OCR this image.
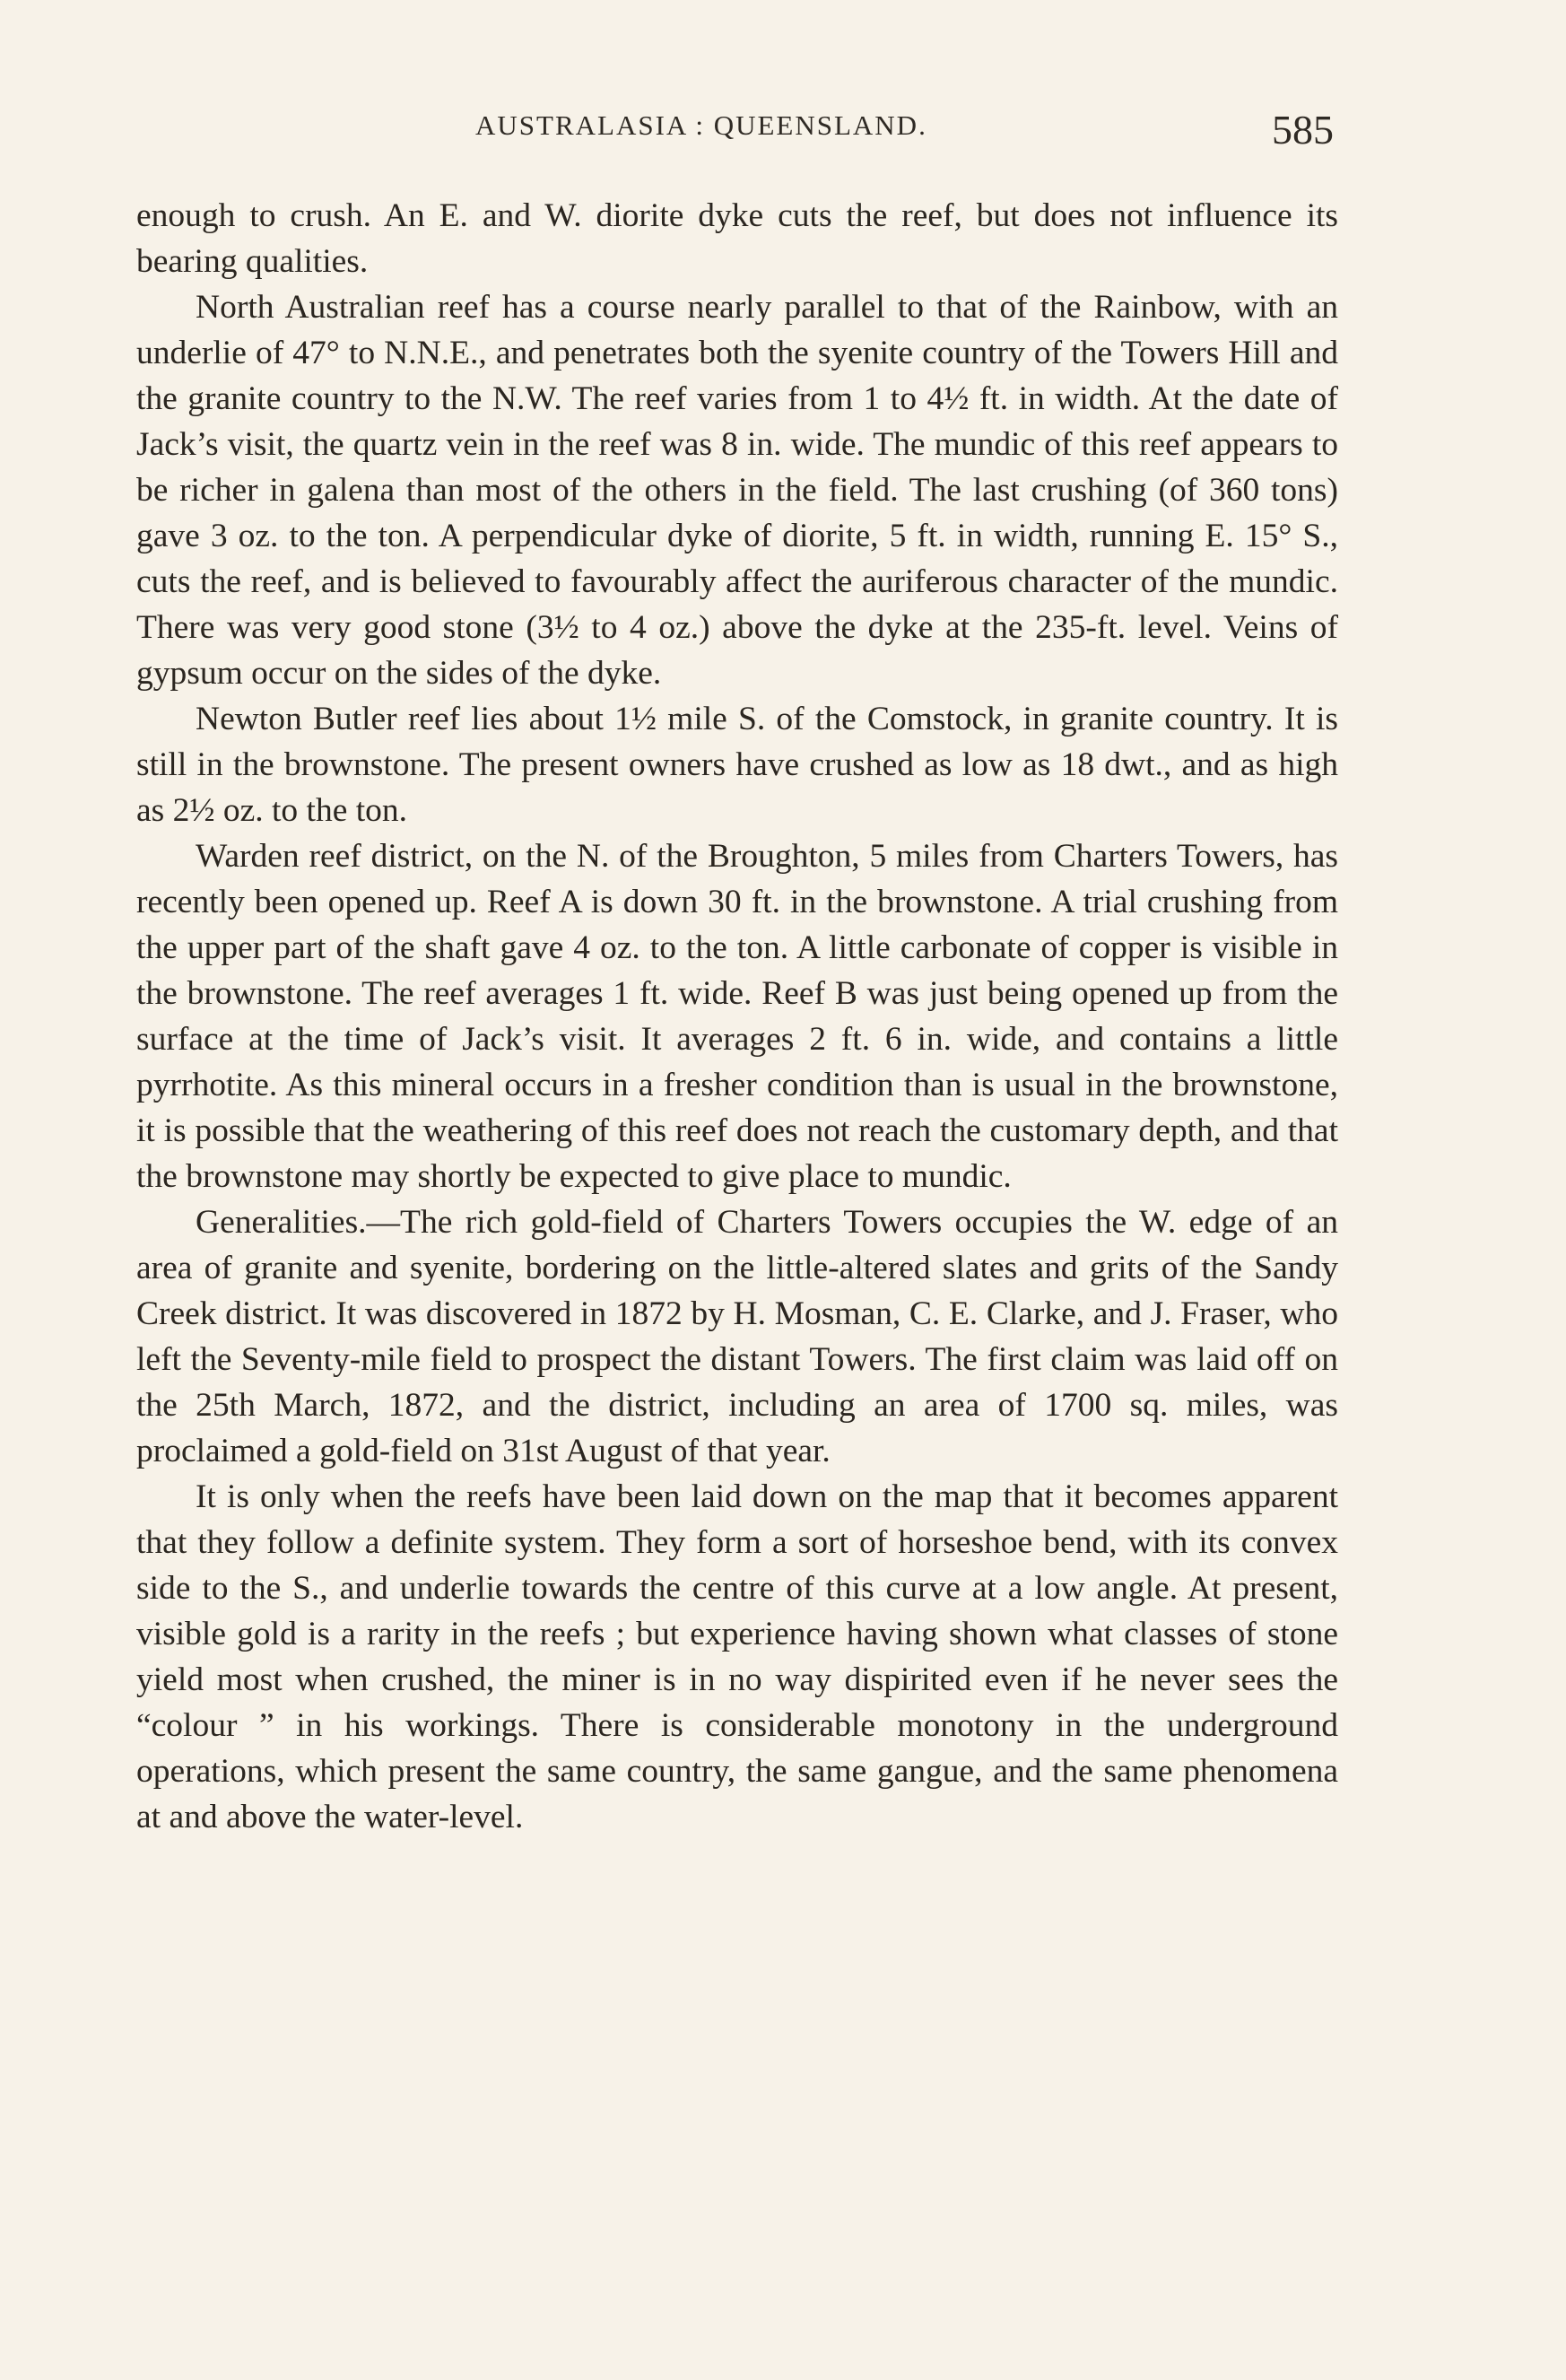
AUSTRALASIA : QUEENSLAND.	585

enough to crush. An E. and W. diorite dyke cuts the reef, but does not influence its bearing qualities.

North Australian reef has a course nearly parallel to that of the Rainbow, with an underlie of 47° to N.N.E., and penetrates both the syenite country of the Towers Hill and the granite country to the N.W. The reef varies from 1 to 4½ ft. in width. At the date of Jack’s visit, the quartz vein in the reef was 8 in. wide. The mundic of this reef appears to be richer in galena than most of the others in the field. The last crushing (of 360 tons) gave 3 oz. to the ton. A perpendicular dyke of diorite, 5 ft. in width, running E. 15° S., cuts the reef, and is believed to favourably affect the auriferous character of the mundic. There was very good stone (3½ to 4 oz.) above the dyke at the 235-ft. level. Veins of gypsum occur on the sides of the dyke.

Newton Butler reef lies about 1½ mile S. of the Comstock, in granite country. It is still in the brownstone. The present owners have crushed as low as 18 dwt., and as high as 2½ oz. to the ton.

Warden reef district, on the N. of the Broughton, 5 miles from Charters Towers, has recently been opened up. Reef A is down 30 ft. in the brownstone. A trial crushing from the upper part of the shaft gave 4 oz. to the ton. A little carbonate of copper is visible in the brownstone. The reef averages 1 ft. wide. Reef B was just being opened up from the surface at the time of Jack’s visit. It averages 2 ft. 6 in. wide, and contains a little pyrrhotite. As this mineral occurs in a fresher condition than is usual in the brownstone, it is possible that the weathering of this reef does not reach the customary depth, and that the brownstone may shortly be expected to give place to mundic.

Generalities.—The rich gold-field of Charters Towers occupies the W. edge of an area of granite and syenite, bordering on the little-altered slates and grits of the Sandy Creek district. It was discovered in 1872 by H. Mosman, C. E. Clarke, and J. Fraser, who left the Seventy-mile field to prospect the distant Towers. The first claim was laid off on the 25th March, 1872, and the district, including an area of 1700 sq. miles, was proclaimed a gold-field on 31st August of that year.

It is only when the reefs have been laid down on the map that it becomes apparent that they follow a definite system. They form a sort of horseshoe bend, with its convex side to the S., and underlie towards the centre of this curve at a low angle. At present, visible gold is a rarity in the reefs ; but experience having shown what classes of stone yield most when crushed, the miner is in no way dispirited even if he never sees the “colour ” in his workings. There is considerable monotony in the underground operations, which present the same country, the same gangue, and the same phenomena at and above the water-level.
